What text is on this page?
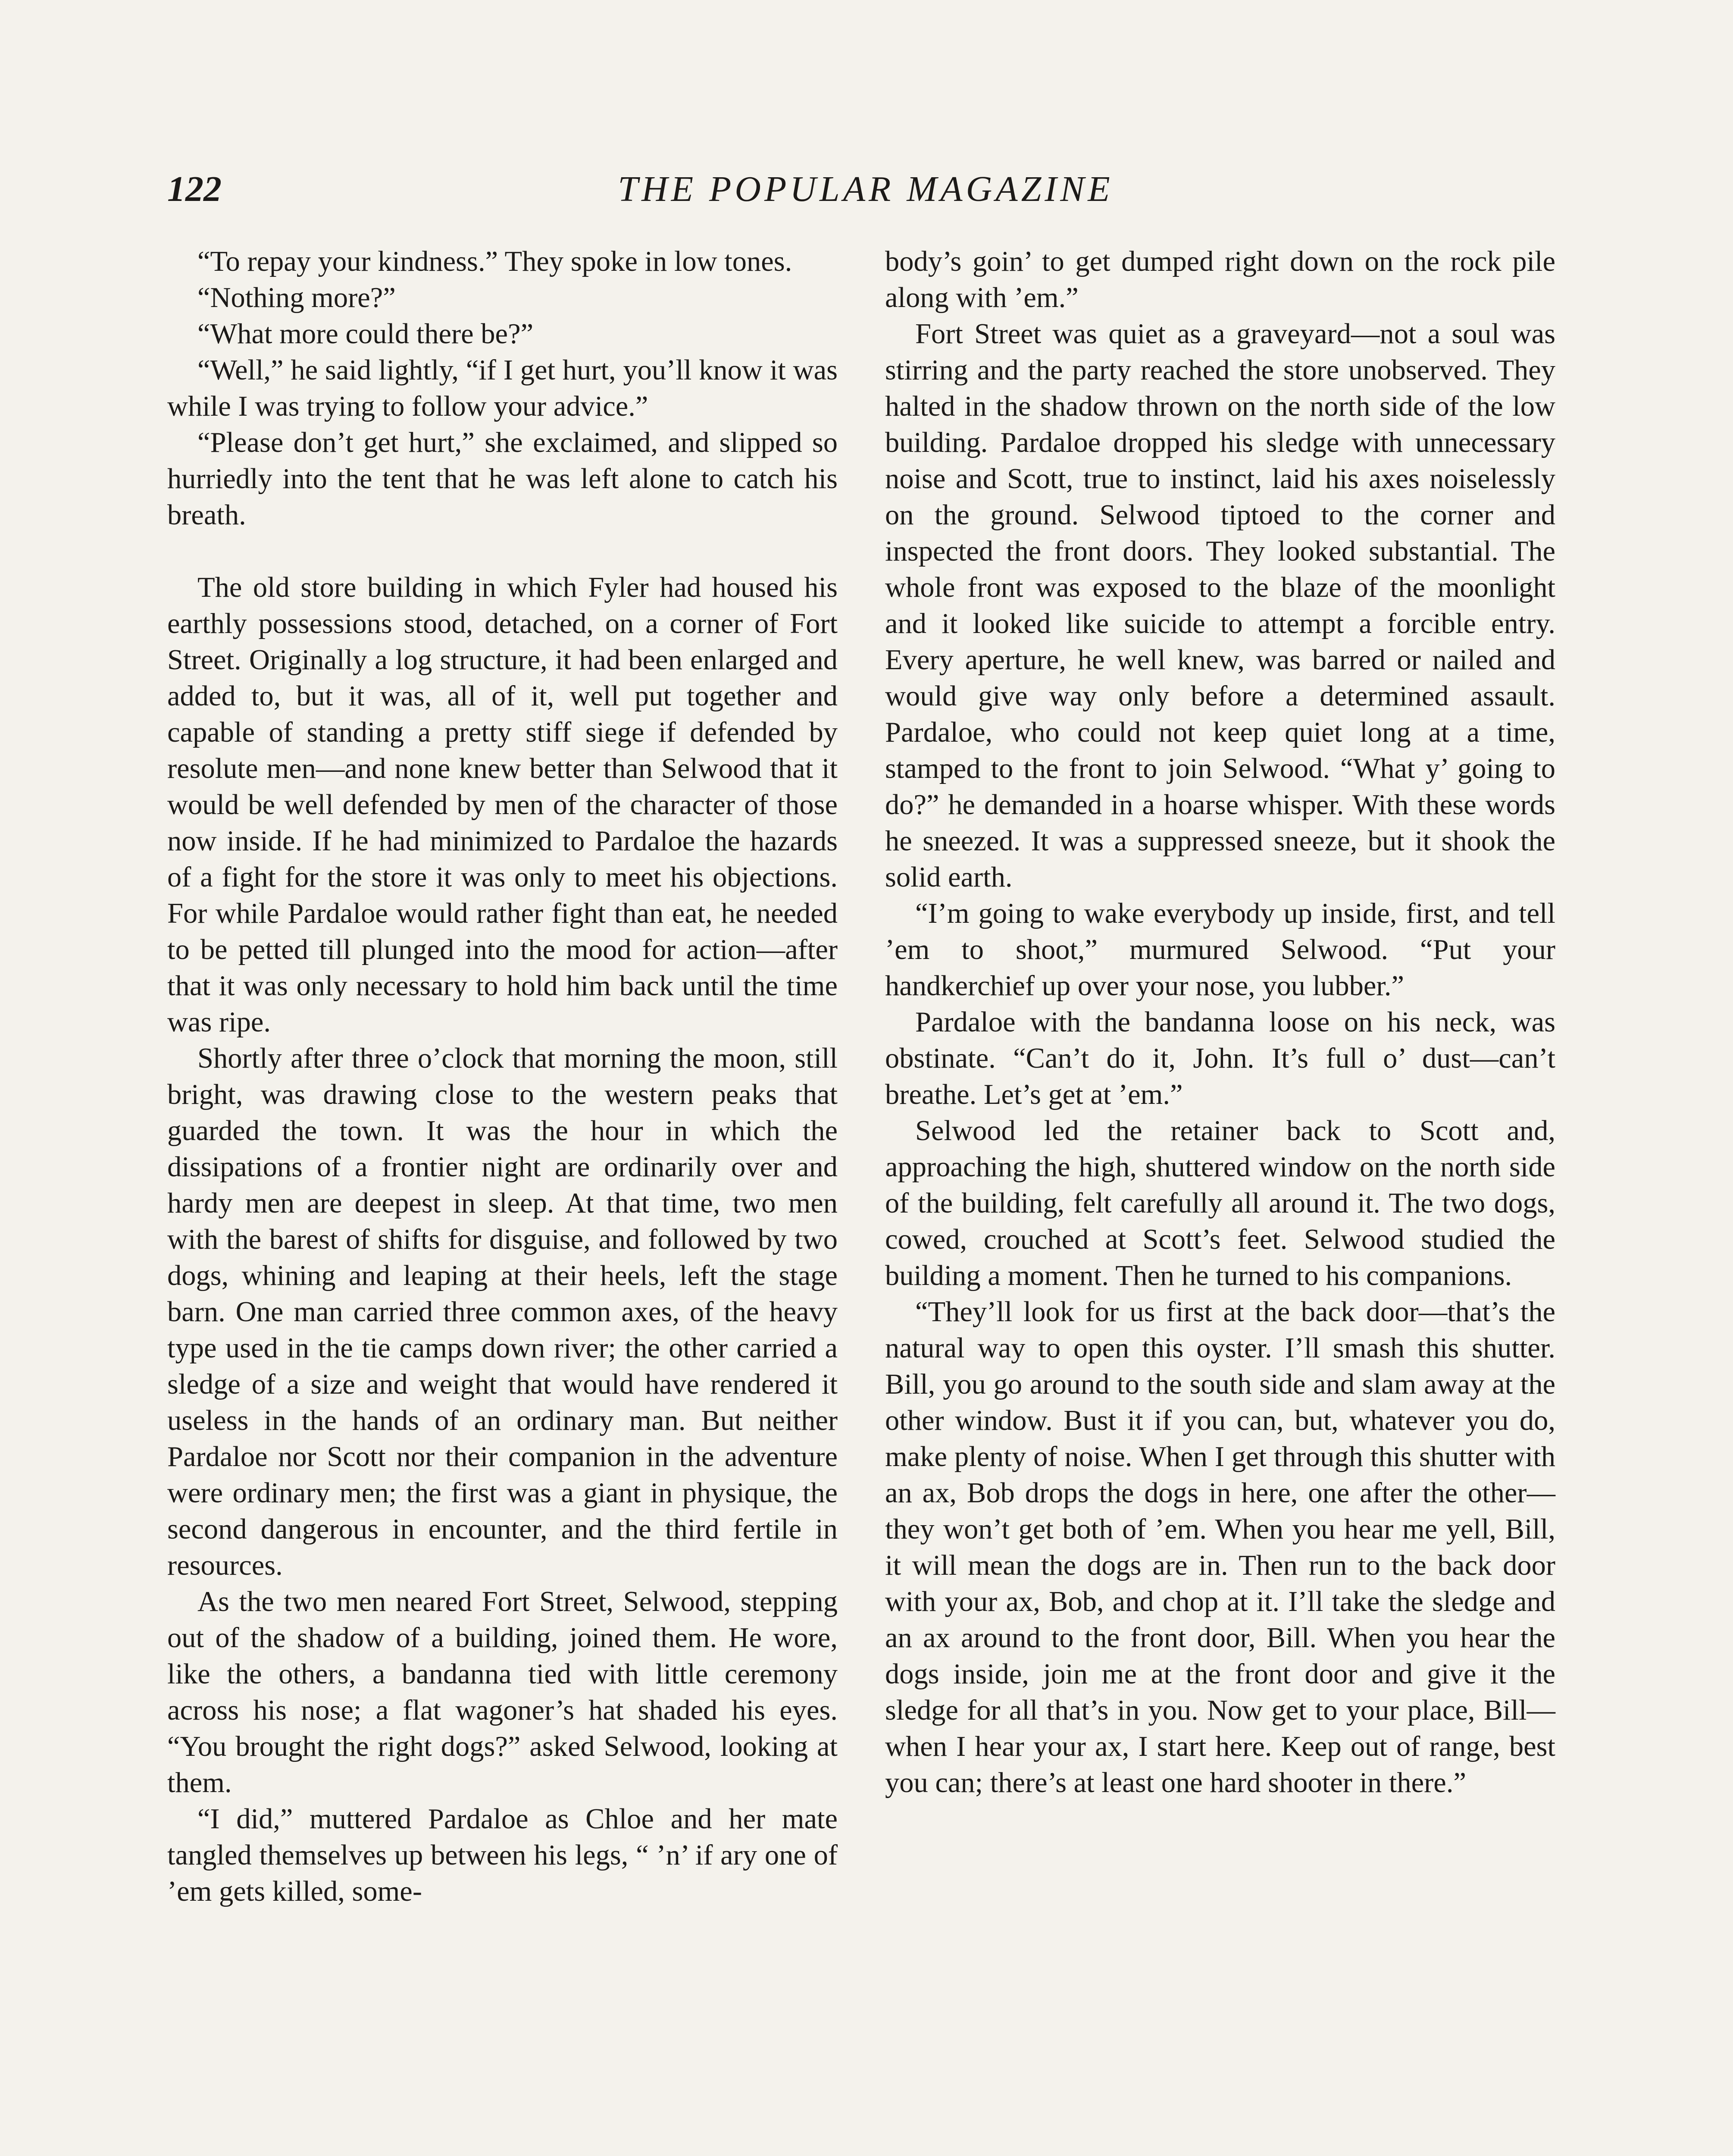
122	THE POPULAR MAGAZINE

“To repay your kindness.” They spoke in low tones.

“Nothing more?”

“What more could there be?”

“Well,” he said lightly, “if I get hurt, you’ll know it was while I was trying to follow your advice.”

“Please don’t get hurt,” she exclaimed, and slipped so hurriedly into the tent that he was left alone to catch his breath.

The old store building in which Fyler had housed his earthly possessions stood, detached, on a corner of Fort Street. Originally a log structure, it had been enlarged and added to, but it was, all of it, well put together and capable of standing a pretty stiff siege if defended by resolute men—and none knew better than Selwood that it would be well defended by men of the character of those now inside. If he had minimized to Pardaloe the hazards of a fight for the store it was only to meet his objections. For while Pardaloe would rather fight than eat, he needed to be petted till plunged into the mood for action—after that it was only necessary to hold him back until the time was ripe.

Shortly after three o’clock that morning the moon, still bright, was drawing close to the western peaks that guarded the town. It was the hour in which the dissipations of a frontier night are ordinarily over and hardy men are deepest in sleep. At that time, two men with the barest of shifts for disguise, and followed by two dogs, whining and leaping at their heels, left the stage barn. One man carried three common axes, of the heavy type used in the tie camps down river; the other carried a sledge of a size and weight that would have rendered it useless in the hands of an ordinary man. But neither Pardaloe nor Scott nor their companion in the adventure were ordinary men; the first was a giant in physique, the second dangerous in encounter, and the third fertile in resources.

As the two men neared Fort Street, Selwood, stepping out of the shadow of a building, joined them. He wore, like the others, a bandanna tied with little ceremony across his nose; a flat wagoner’s hat shaded his eyes. “You brought the right dogs?” asked Selwood, looking at them.

“I did,” muttered Pardaloe as Chloe and her mate tangled themselves up between his legs, “ ’n’ if ary one of ’em gets killed, some-

body’s goin’ to get dumped right down on the rock pile along with ’em.”

Fort Street was quiet as a graveyard—not a soul was stirring and the party reached the store unobserved. They halted in the shadow thrown on the north side of the low building. Pardaloe dropped his sledge with unnecessary noise and Scott, true to instinct, laid his axes noiselessly on the ground. Selwood tiptoed to the corner and inspected the front doors. They looked substantial. The whole front was exposed to the blaze of the moonlight and it looked like suicide to attempt a forcible entry. Every aperture, he well knew, was barred or nailed and would give way only before a determined assault. Pardaloe, who could not keep quiet long at a time, stamped to the front to join Selwood. “What y’ going to do?” he demanded in a hoarse whisper. With these words he sneezed. It was a suppressed sneeze, but it shook the solid earth.

“I’m going to wake everybody up inside, first, and tell ’em to shoot,” murmured Selwood. “Put your handkerchief up over your nose, you lubber.”

Pardaloe with the bandanna loose on his neck, was obstinate. “Can’t do it, John. It’s full o’ dust—can’t breathe. Let’s get at ’em.”

Selwood led the retainer back to Scott and, approaching the high, shuttered window on the north side of the building, felt carefully all around it. The two dogs, cowed, crouched at Scott’s feet. Selwood studied the building a moment. Then he turned to his companions.

“They’ll look for us first at the back door—that’s the natural way to open this oyster. I’ll smash this shutter. Bill, you go around to the south side and slam away at the other window. Bust it if you can, but, whatever you do, make plenty of noise. When I get through this shutter with an ax, Bob drops the dogs in here, one after the other—they won’t get both of ’em. When you hear me yell, Bill, it will mean the dogs are in. Then run to the back door with your ax, Bob, and chop at it. I’ll take the sledge and an ax around to the front door, Bill. When you hear the dogs inside, join me at the front door and give it the sledge for all that’s in you. Now get to your place, Bill—when I hear your ax, I start here. Keep out of range, best you can; there’s at least one hard shooter in there.”
